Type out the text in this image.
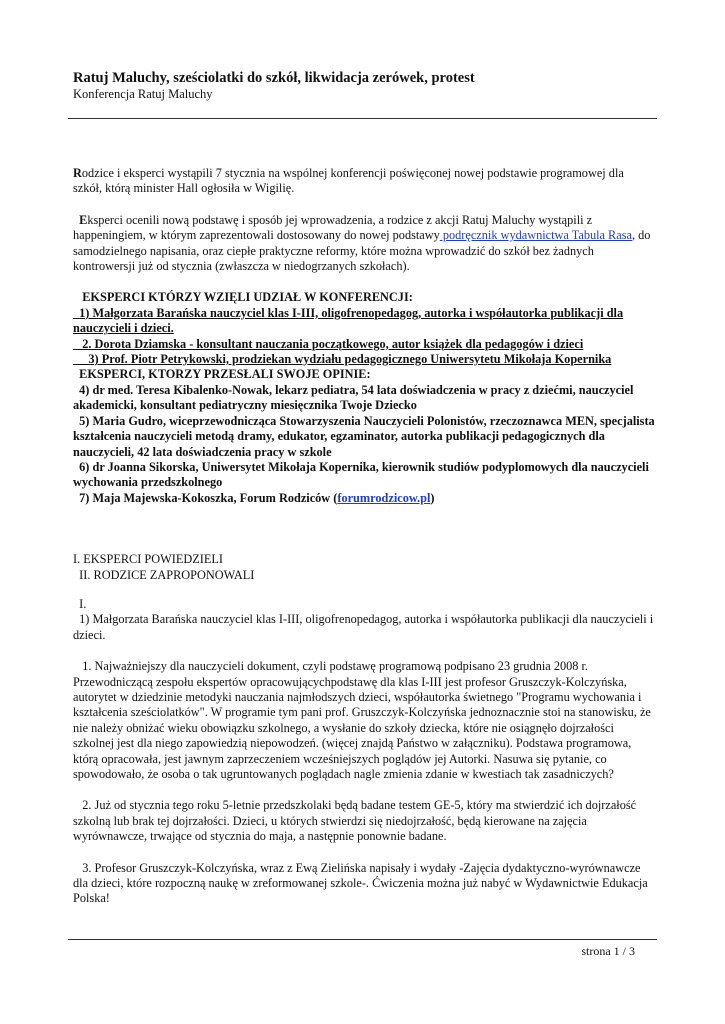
Ratuj Maluchy, sześciolatki do szkół, likwidacja zerówek, protest

Konferencja Ratuj Maluchy

Rodzice i eksperci wystąpili 7 stycznia na wspólnej konferencji poświęconej nowej podstawie programowej dla szkół, którą minister Hall ogłosiła w Wigilię.

Eksperci ocenili nową podstawę i sposób jej wprowadzenia, a rodzice z akcji Ratuj Maluchy wystąpili z happeningiem, w którym zaprezentowali dostosowany do nowej podstawy podręcznik wydawnictwa Tabula Rasa, do samodzielnego napisania, oraz ciepłe praktyczne reformy, które można wprowadzić do szkół bez żadnych kontrowersji już od stycznia (zwłaszcza w niedogrzanych szkołach).

EKSPERCI KTÓRZY WZIĘLI UDZIAŁ W KONFERENCJI:

1) Małgorzata Barańska nauczyciel klas I-III, oligofrenopedagog, autorka i współautorka publikacji dla nauczycieli i dzieci.

2. Dorota Dziamska - konsultant nauczania początkowego, autor książek dla pedagogów i dzieci

3) Prof. Piotr Petrykowski, prodziekan wydziału pedagogicznego Uniwersytetu Mikołaja Kopernika

EKSPERCI, KTORZY PRZESŁALI SWOJE OPINIE:

4) dr med. Teresa Kibalenko-Nowak, lekarz pediatra, 54 lata doświadczenia w pracy z dziećmi, nauczyciel akademicki, konsultant pediatryczny miesięcznika Twoje Dziecko

5) Maria Gudro, wiceprzewodnicząca Stowarzyszenia Nauczycieli Polonistów, rzeczoznawca MEN, specjalista kształcenia nauczycieli metodą dramy, edukator, egzaminator, autorka publikacji pedagogicznych dla nauczycieli, 42 lata doświadczenia pracy w szkole

6) dr Joanna Sikorska, Uniwersytet Mikołaja Kopernika, kierownik studiów podyplomowych dla nauczycieli wychowania przedszkolnego

7) Maja Majewska-Kokoszka, Forum Rodziców (forumrodzicow.pl)

I. EKSPERCI POWIEDZIELI

II. RODZICE ZAPROPONOWALI

I.

1) Małgorzata Barańska nauczyciel klas I-III, oligofrenopedagog, autorka i współautorka publikacji dla nauczycieli i dzieci.

1. Najważniejszy dla nauczycieli dokument, czyli podstawę programową podpisano 23 grudnia 2008 r. Przewodniczącą zespołu ekspertów opracowującychpodstawę dla klas I-III jest profesor Gruszczyk-Kolczyńska, autorytet w dziedzinie metodyki nauczania najmłodszych dzieci, współautorka świetnego "Programu wychowania i kształcenia sześciolatków". W programie tym pani prof. Gruszczyk-Kolczyńska jednoznacznie stoi na stanowisku, że nie należy obniżać wieku obowiązku szkolnego, a wysłanie do szkoły dziecka, które nie osiągnęło dojrzałości szkolnej jest dla niego zapowiedzią niepowodzeń. (więcej znajdą Państwo w załączniku). Podstawa programowa, którą opracowała, jest jawnym zaprzeczeniem wcześniejszych poglądów jej Autorki. Nasuwa się pytanie, co spowodowało, że osoba o tak ugruntowanych poglądach nagle zmienia zdanie w kwestiach tak zasadniczych?

2. Już od stycznia tego roku 5-letnie przedszkolaki będą badane testem GE-5, który ma stwierdzić ich dojrzałość szkolną lub brak tej dojrzałości. Dzieci, u których stwierdzi się niedojrzałość, będą kierowane na zajęcia wyrównawcze, trwające od stycznia do maja, a następnie ponownie badane.

3. Profesor Gruszczyk-Kolczyńska, wraz z Ewą Zielińska napisały i wydały -Zajęcia dydaktyczno-wyrównawcze dla dzieci, które rozpoczną naukę w zreformowanej szkole-. Ćwiczenia można już nabyć w Wydawnictwie Edukacja Polska!

strona 1 / 3
